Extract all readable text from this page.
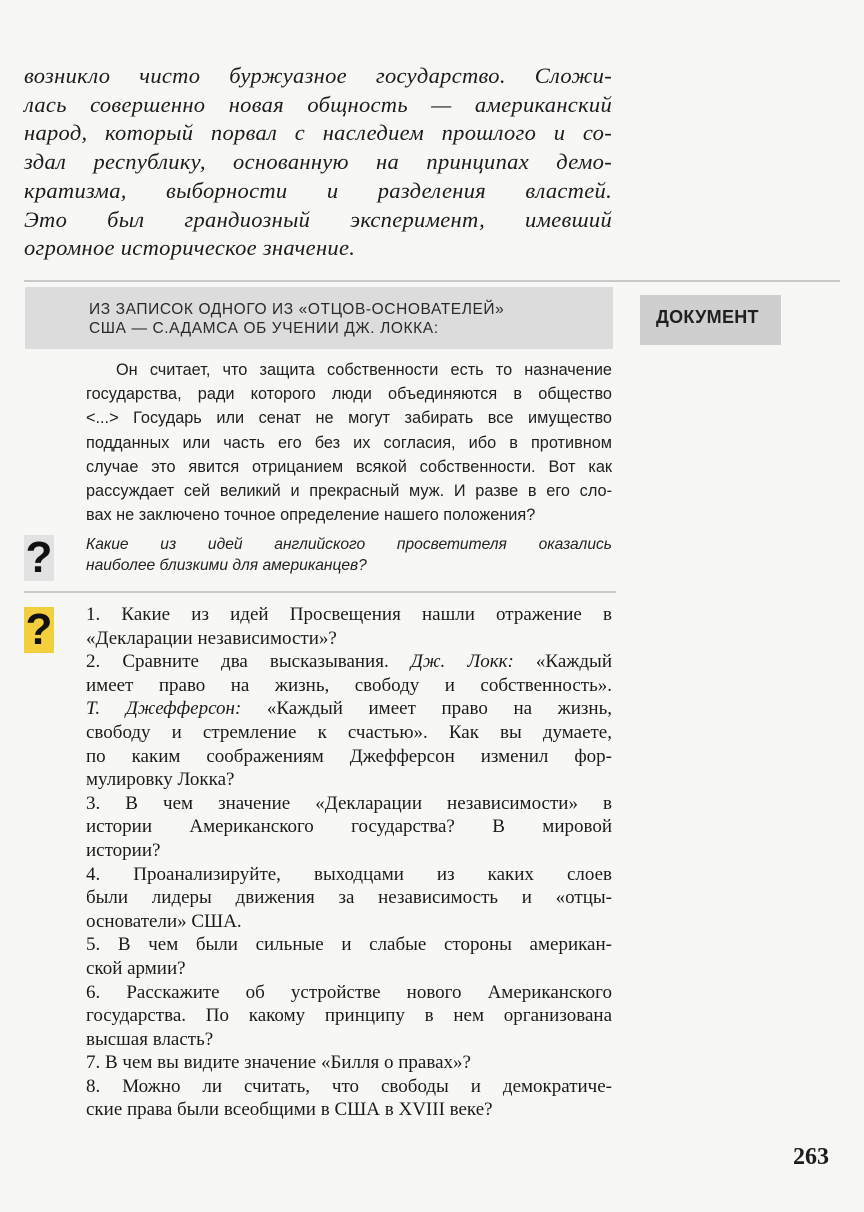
возникло чисто буржуазное государство. Сложи-
лась совершенно новая общность — американский
народ, который порвал с наследием прошлого и со-
здал республику, основанную на принципах демо-
кратизма, выборности и разделения властей.
Это был грандиозный эксперимент, имевший
огромное историческое значение.
ИЗ ЗАПИСОК ОДНОГО ИЗ «ОТЦОВ-ОСНОВАТЕЛЕЙ»
США — С.АДАМСА ОБ УЧЕНИИ ДЖ. ЛОККА:
ДОКУМЕНТ
Он считает, что защита собственности есть то назначение
государства, ради которого люди объединяются в общество
<...> Государь или сенат не могут забирать все имущество
подданных или часть его без их согласия, ибо в противном
случае это явится отрицанием всякой собственности. Вот как
рассуждает сей великий и прекрасный муж. И разве в его сло-
вах не заключено точное определение нашего положения?
? Какие из идей английского просветителя оказались
наиболее близкими для американцев?
? 1. Какие из идей Просвещения нашли отражение в
«Декларации независимости»?
2. Сравните два высказывания. Дж. Локк: «Каждый
имеет право на жизнь, свободу и собственность».
Т. Джефферсон: «Каждый имеет право на жизнь,
свободу и стремление к счастью». Как вы думаете,
по каким соображениям Джефферсон изменил фор-
мулировку Локка?
3. В чем значение «Декларации независимости» в
истории Американского государства? В мировой
истории?
4. Проанализируйте, выходцами из каких слоев
были лидеры движения за независимость и «отцы-
основатели» США.
5. В чем были сильные и слабые стороны американ-
ской армии?
6. Расскажите об устройстве нового Американского
государства. По какому принципу в нем организована
высшая власть?
7. В чем вы видите значение «Билля о правах»?
8. Можно ли считать, что свободы и демократиче-
ские права были всеобщими в США в XVIII веке?
263
